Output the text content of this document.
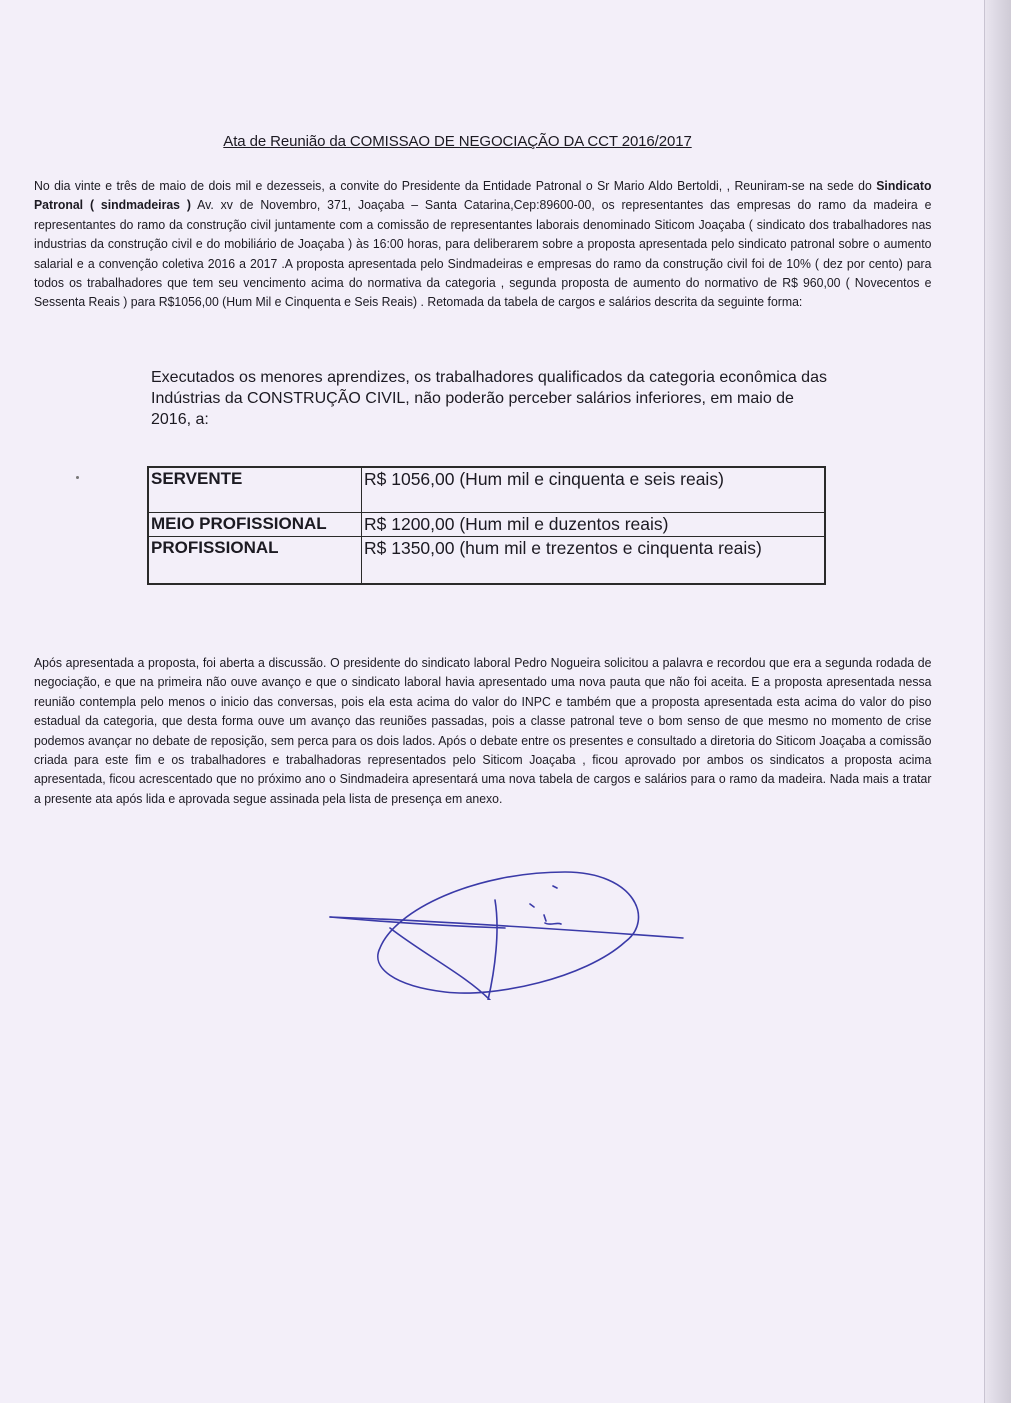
Ata de Reunião da COMISSAO DE NEGOCIAÇÃO DA CCT 2016/2017
No dia vinte e três de maio de dois mil e dezesseis, a convite do Presidente da Entidade Patronal o Sr Mario Aldo Bertoldi, , Reuniram-se na sede do Sindicato Patronal ( sindmadeiras ) Av. xv de Novembro, 371, Joaçaba – Santa Catarina,Cep:89600-00, os representantes das empresas do ramo da madeira e representantes do ramo da construção civil juntamente com a comissão de representantes laborais denominado Siticom Joaçaba ( sindicato dos trabalhadores nas industrias da construção civil e do mobiliário de Joaçaba ) às 16:00 horas, para deliberarem sobre a proposta apresentada pelo sindicato patronal sobre o aumento salarial e a convenção coletiva 2016 a 2017 .A proposta apresentada pelo Sindmadeiras e empresas do ramo da construção civil foi de 10% ( dez por cento) para todos os trabalhadores que tem seu vencimento acima do normativa da categoria , segunda proposta de aumento do normativo de R$ 960,00 ( Novecentos e Sessenta Reais ) para R$1056,00 (Hum Mil e Cinquenta e Seis Reais) . Retomada da tabela de cargos e salários descrita da seguinte forma:
Executados os menores aprendizes, os trabalhadores qualificados da categoria econômica das Indústrias da CONSTRUÇÃO CIVIL, não poderão perceber salários inferiores, em maio de 2016, a:
SERVENTE	R$ 1056,00 (Hum mil e cinquenta e seis reais)
MEIO PROFISSIONAL	R$ 1200,00 (Hum mil e duzentos reais)
PROFISSIONAL	R$ 1350,00 (hum mil e trezentos e cinquenta reais)
Após apresentada a proposta, foi aberta a discussão. O presidente do sindicato laboral Pedro Nogueira solicitou a palavra e recordou que era a segunda rodada de negociação, e que na primeira não ouve avanço e que o sindicato laboral havia apresentado uma nova pauta que não foi aceita. E a proposta apresentada nessa reunião contempla pelo menos o inicio das conversas, pois ela esta acima do valor do INPC e também que a proposta apresentada esta acima do valor do piso estadual da categoria, que desta forma ouve um avanço das reuniões passadas, pois a classe patronal teve o bom senso de que mesmo no momento de crise podemos avançar no debate de reposição, sem perca para os dois lados. Após o debate entre os presentes e consultado a diretoria do Siticom Joaçaba a comissão criada para este fim e os trabalhadores e trabalhadoras representados pelo Siticom Joaçaba , ficou aprovado por ambos os sindicatos a proposta acima apresentada, ficou acrescentado que no próximo ano o Sindmadeira apresentará uma nova tabela de cargos e salários para o ramo da madeira. Nada mais a tratar a presente ata após lida e aprovada segue assinada pela lista de presença em anexo.
